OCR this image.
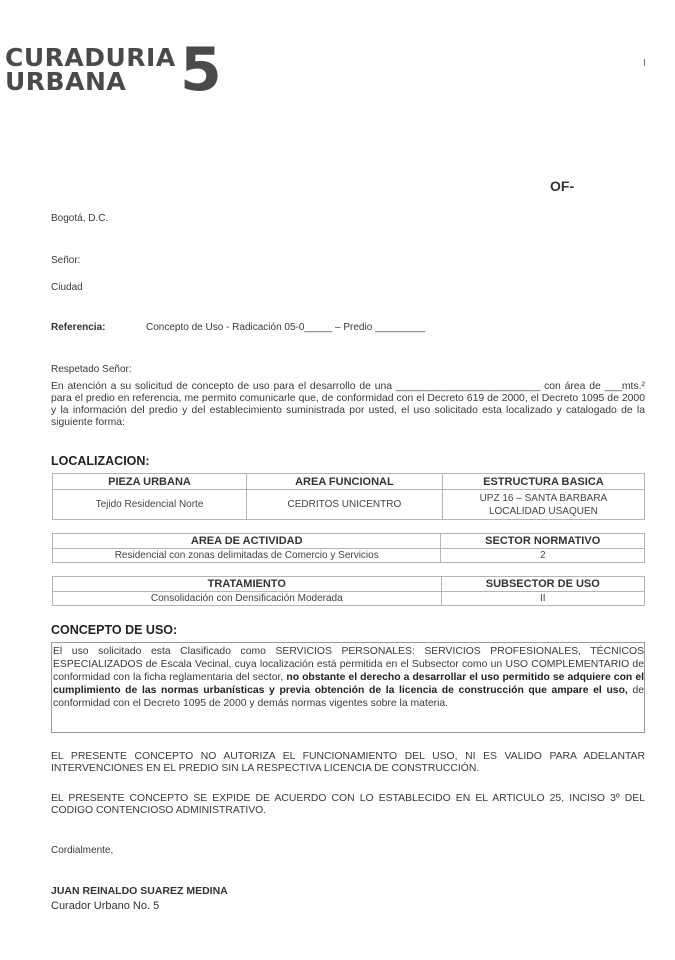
CURADURIA
URBANA 5	I
OF-
Bogotá, D.C.
Señor:
Ciudad
Referencia:	Concepto de Uso - Radicación 05-0_____ – Predio _________
Respetado Señor:
En atención a su solicitud de concepto de uso para el desarrollo de una _________________________ con área de ___mts.² para el predio en referencia, me permito comunicarle que, de conformidad con el Decreto 619 de 2000, el Decreto 1095 de 2000 y la información del predio y del establecimiento suministrada por usted, el uso solicitado esta localizado y catalogado de la siguiente forma:
LOCALIZACION:
PIEZA URBANA	AREA FUNCIONAL	ESTRUCTURA BASICA
Tejido Residencial Norte	CEDRITOS UNICENTRO	UPZ 16 – SANTA BARBARA
LOCALIDAD USAQUEN
AREA DE ACTIVIDAD	SECTOR NORMATIVO
Residencial con zonas delimitadas de Comercio y Servicios	2
TRATAMIENTO	SUBSECTOR DE USO
Consolidación con Densificación Moderada	II
CONCEPTO DE USO:
El uso solicitado esta Clasificado como SERVICIOS PERSONALES: SERVICIOS PROFESIONALES, TÉCNICOS ESPECIALIZADOS de Escala Vecinal, cuya localización está permitida en el Subsector como un USO COMPLEMENTARIO de conformidad con la ficha reglamentaria del sector, no obstante el derecho a desarrollar el uso permitido se adquiere con el cumplimiento de las normas urbanísticas y previa obtención de la licencia de construcción que ampare el uso, de conformidad con el Decreto 1095 de 2000 y demás normas vigentes sobre la materia.
EL PRESENTE CONCEPTO NO AUTORIZA EL FUNCIONAMIENTO DEL USO, NI ES VALIDO PARA ADELANTAR INTERVENCIONES EN EL PREDIO SIN LA RESPECTIVA LICENCIA DE CONSTRUCCIÓN.
EL PRESENTE CONCEPTO SE EXPIDE DE ACUERDO CON LO ESTABLECIDO EN EL ARTICULO 25, INCISO 3º DEL CODIGO CONTENCIOSO ADMINISTRATIVO.
Cordialmente,
JUAN REINALDO SUAREZ MEDINA
Curador Urbano No. 5
